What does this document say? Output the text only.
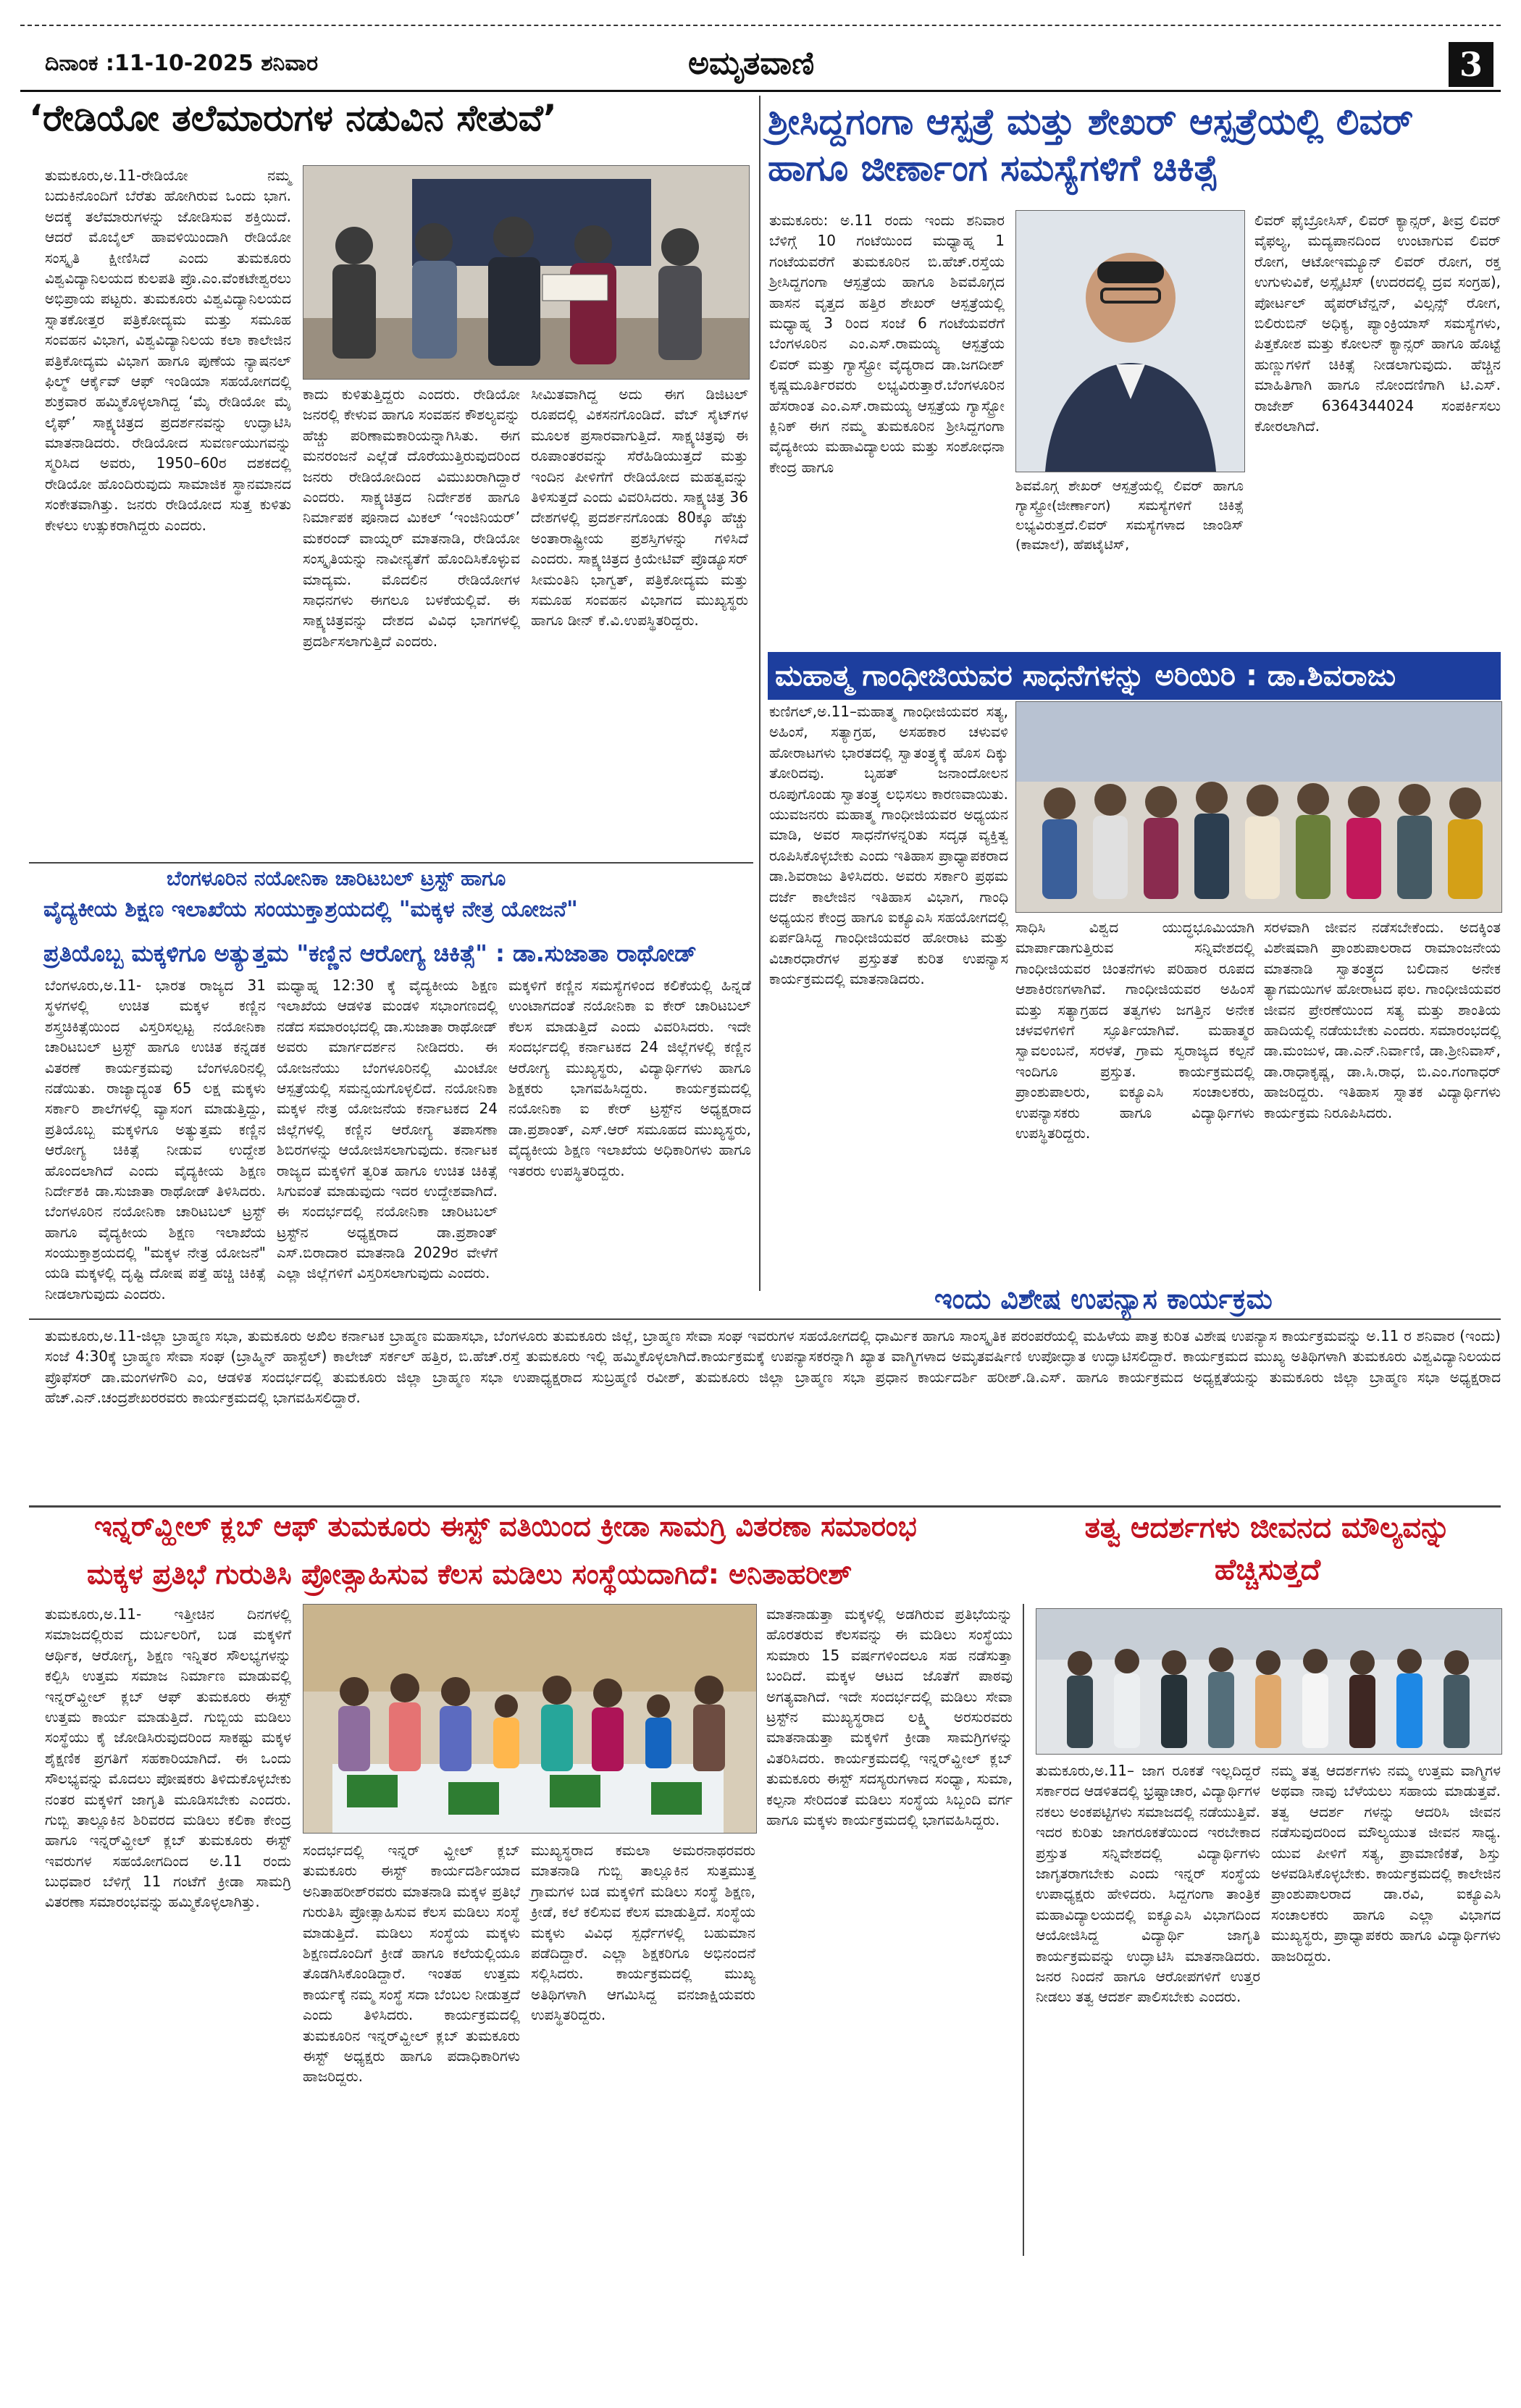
ದಿನಾಂಕ :11-10-2025 ಶನಿವಾರ	ಅಮೃತವಾಣಿ	3
‘ರೇಡಿಯೋ ತಲೆಮಾರುಗಳ ನಡುವಿನ ಸೇತುವೆ’
ತುಮಕೂರು,ಅ.11-ರೇಡಿಯೋ ನಮ್ಮ ಬದುಕಿನೊಂದಿಗೆ ಬೆರೆತು ಹೋಗಿರುವ ಒಂದು ಭಾಗ. ಅದಕ್ಕೆ ತಲೆಮಾರುಗಳನ್ನು ಜೋಡಿಸುವ ಶಕ್ತಿಯಿದೆ. ಆದರೆ ಮೊಬೈಲ್ ಹಾವಳಿಯಿಂದಾಗಿ ರೇಡಿಯೋ ಸಂಸ್ಕೃತಿ ಕ್ಷೀಣಿಸಿದೆ ಎಂದು ತುಮಕೂರು ವಿಶ್ವವಿದ್ಯಾನಿಲಯದ ಕುಲಪತಿ ಪ್ರೊ.ಎಂ.ವೆಂಕಟೇಶ್ವರಲು ಅಭಿಪ್ರಾಯ ಪಟ್ಟರು. ತುಮಕೂರು ವಿಶ್ವವಿದ್ಯಾನಿಲಯದ ಸ್ನಾತಕೋತ್ತರ ಪತ್ರಿಕೋದ್ಯಮ ಮತ್ತು ಸಮೂಹ ಸಂವಹನ ವಿಭಾಗ, ವಿಶ್ವವಿದ್ಯಾನಿಲಯ ಕಲಾ ಕಾಲೇಜಿನ ಪತ್ರಿಕೋದ್ಯಮ ವಿಭಾಗ ಹಾಗೂ ಪುಣೆಯ ನ್ಯಾಷನಲ್ ಫಿಲ್ಮ್ ಆರ್ಕೈವ್ ಆಫ್ ಇಂಡಿಯಾ ಸಹಯೋಗದಲ್ಲಿ ಶುಕ್ರವಾರ ಹಮ್ಮಿಕೊಳ್ಳಲಾಗಿದ್ದ ‘ಮೈ ರೇಡಿಯೋ ಮೈ ಲೈಫ್’ ಸಾಕ್ಷ್ಯಚಿತ್ರದ ಪ್ರದರ್ಶನವನ್ನು ಉದ್ಘಾಟಿಸಿ ಮಾತನಾಡಿದರು. ರೇಡಿಯೋದ ಸುವರ್ಣಯುಗವನ್ನು ಸ್ಮರಿಸಿದ ಅವರು, 1950–60ರ ದಶಕದಲ್ಲಿ ರೇಡಿಯೋ ಹೊಂದಿರುವುದು ಸಾಮಾಜಿಕ ಸ್ಥಾನಮಾನದ ಸಂಕೇತವಾಗಿತ್ತು. ಜನರು ರೇಡಿಯೋದ ಸುತ್ತ ಕುಳಿತು ಕೇಳಲು ಉತ್ಸುಕರಾಗಿದ್ದರು ಎಂದರು.
ಕಾದು ಕುಳಿತುತ್ತಿದ್ದರು ಎಂದರು. ರೇಡಿಯೋ ಜನರಲ್ಲಿ ಕೇಳುವ ಹಾಗೂ ಸಂವಹನ ಕೌಶಲ್ಯವನ್ನು ಹೆಚ್ಚು ಪರಿಣಾಮಕಾರಿಯನ್ನಾಗಿಸಿತು. ಈಗ ಮನರಂಜನೆ ಎಲ್ಲೆಡೆ ದೊರೆಯುತ್ತಿರುವುದರಿಂದ ಜನರು ರೇಡಿಯೋದಿಂದ ವಿಮುಖರಾಗಿದ್ದಾರೆ ಎಂದರು. ಸಾಕ್ಷ್ಯಚಿತ್ರದ ನಿರ್ದೇಶಕ ಹಾಗೂ ನಿರ್ಮಾಪಕ ಪೂನಾದ ಮಿಕಲ್ ‘ಇಂಜಿನಿಯರ್’ ಮಕರಂದ್ ವಾಯ್ನರ್ ಮಾತನಾಡಿ, ರೇಡಿಯೋ ಸಂಸ್ಕೃತಿಯನ್ನು ನಾವೀನ್ಯತೆಗೆ ಹೊಂದಿಸಿಕೊಳ್ಳುವ ಮಾದ್ಯಮ. ಮೊದಲಿನ ರೇಡಿಯೋಗಳ ಸಾಧನಗಳು ಈಗಲೂ ಬಳಕೆಯಲ್ಲಿವೆ. ಈ ಸಾಕ್ಷ್ಯಚಿತ್ರವನ್ನು ದೇಶದ ವಿವಿಧ ಭಾಗಗಳಲ್ಲಿ ಪ್ರದರ್ಶಿಸಲಾಗುತ್ತಿದೆ ಎಂದರು.
ಸೀಮಿತವಾಗಿದ್ದ ಅದು ಈಗ ಡಿಜಿಟಲ್ ರೂಪದಲ್ಲಿ ವಿಕಸನಗೊಂಡಿದೆ. ವೆಬ್ ಸೈಟ್‌ಗಳ ಮೂಲಕ ಪ್ರಸಾರವಾಗುತ್ತಿದೆ. ಸಾಕ್ಷ್ಯಚಿತ್ರವು ಈ ರೂಪಾಂತರವನ್ನು ಸೆರೆಹಿಡಿಯುತ್ತದೆ ಮತ್ತು ಇಂದಿನ ಪೀಳಿಗೆಗೆ ರೇಡಿಯೋದ ಮಹತ್ವವನ್ನು ತಿಳಿಸುತ್ತದೆ ಎಂದು ವಿವರಿಸಿದರು. ಸಾಕ್ಷ್ಯಚಿತ್ರ 36 ದೇಶಗಳಲ್ಲಿ ಪ್ರದರ್ಶನಗೊಂಡು 80ಕ್ಕೂ ಹೆಚ್ಚು ಅಂತಾರಾಷ್ಟ್ರೀಯ ಪ್ರಶಸ್ತಿಗಳನ್ನು ಗಳಿಸಿದೆ ಎಂದರು. ಸಾಕ್ಷ್ಯಚಿತ್ರದ ಕ್ರಿಯೇಟಿವ್ ಪ್ರೊಡ್ಯೂಸರ್ ಸೀಮಂತಿನಿ ಭಾಗ್ವತ್, ಪತ್ರಿಕೋದ್ಯಮ ಮತ್ತು ಸಮೂಹ ಸಂವಹನ ವಿಭಾಗದ ಮುಖ್ಯಸ್ಥರು ಹಾಗೂ ಡೀನ್ ಕೆ.ವಿ.ಉಪಸ್ಥಿತರಿದ್ದರು.
ಬೆಂಗಳೂರಿನ ನಯೋನಿಕಾ ಚಾರಿಟಬಲ್ ಟ್ರಸ್ಟ್ ಹಾಗೂ
ವೈದ್ಯಕೀಯ ಶಿಕ್ಷಣ ಇಲಾಖೆಯ ಸಂಯುಕ್ತಾಶ್ರಯದಲ್ಲಿ "ಮಕ್ಕಳ ನೇತ್ರ ಯೋಜನೆ"
ಪ್ರತಿಯೊಬ್ಬ ಮಕ್ಕಳಿಗೂ ಅತ್ಯುತ್ತಮ "ಕಣ್ಣಿನ ಆರೋಗ್ಯ ಚಿಕಿತ್ಸೆ" : ಡಾ.ಸುಜಾತಾ ರಾಥೋಡ್
ಬೆಂಗಳೂರು,ಅ.11- ಭಾರತ ರಾಜ್ಯದ 31 ಸ್ಥಳಗಳಲ್ಲಿ ಉಚಿತ ಮಕ್ಕಳ ಕಣ್ಣಿನ ಶಸ್ತ್ರಚಿಕಿತ್ಸೆಯಿಂದ ವಿಸ್ತರಿಸಲ್ಪಟ್ಟ ನಯೋನಿಕಾ ಚಾರಿಟಬಲ್ ಟ್ರಸ್ಟ್ ಹಾಗೂ ಉಚಿತ ಕನ್ನಡಕ ವಿತರಣೆ ಕಾರ್ಯಕ್ರಮವು ಬೆಂಗಳೂರಿನಲ್ಲಿ ನಡೆಯಿತು. ರಾಜ್ಯಾದ್ಯಂತ 65 ಲಕ್ಷ ಮಕ್ಕಳು ಸರ್ಕಾರಿ ಶಾಲೆಗಳಲ್ಲಿ ವ್ಯಾಸಂಗ ಮಾಡುತ್ತಿದ್ದು, ಪ್ರತಿಯೊಬ್ಬ ಮಕ್ಕಳಿಗೂ ಅತ್ಯುತ್ತಮ ಕಣ್ಣಿನ ಆರೋಗ್ಯ ಚಿಕಿತ್ಸೆ ನೀಡುವ ಉದ್ದೇಶ ಹೊಂದಲಾಗಿದೆ ಎಂದು ವೈದ್ಯಕೀಯ ಶಿಕ್ಷಣ ನಿರ್ದೇಶಕಿ ಡಾ.ಸುಜಾತಾ ರಾಥೋಡ್ ತಿಳಿಸಿದರು. ಬೆಂಗಳೂರಿನ ನಯೋನಿಕಾ ಚಾರಿಟಬಲ್ ಟ್ರಸ್ಟ್ ಹಾಗೂ ವೈದ್ಯಕೀಯ ಶಿಕ್ಷಣ ಇಲಾಖೆಯ ಸಂಯುಕ್ತಾಶ್ರಯದಲ್ಲಿ "ಮಕ್ಕಳ ನೇತ್ರ ಯೋಜನೆ" ಯಡಿ ಮಕ್ಕಳಲ್ಲಿ ದೃಷ್ಟಿ ದೋಷ ಪತ್ತೆ ಹಚ್ಚಿ ಚಿಕಿತ್ಸೆ ನೀಡಲಾಗುವುದು ಎಂದರು.
ಮಧ್ಯಾಹ್ನ 12:30 ಕ್ಕೆ ವೈದ್ಯಕೀಯ ಶಿಕ್ಷಣ ಇಲಾಖೆಯ ಆಡಳಿತ ಮಂಡಳಿ ಸಭಾಂಗಣದಲ್ಲಿ ನಡೆದ ಸಮಾರಂಭದಲ್ಲಿ ಡಾ.ಸುಜಾತಾ ರಾಥೋಡ್ ಅವರು ಮಾರ್ಗದರ್ಶನ ನೀಡಿದರು. ಈ ಯೋಜನೆಯು ಬೆಂಗಳೂರಿನಲ್ಲಿ ಮಿಂಟೋ ಆಸ್ಪತ್ರೆಯಲ್ಲಿ ಸಮನ್ವಯಗೊಳ್ಳಲಿದೆ. ನಯೋನಿಕಾ ಮಕ್ಕಳ ನೇತ್ರ ಯೋಜನೆಯ ಕರ್ನಾಟಕದ 24 ಜಿಲ್ಲೆಗಳಲ್ಲಿ ಕಣ್ಣಿನ ಆರೋಗ್ಯ ತಪಾಸಣಾ ಶಿಬಿರಗಳನ್ನು ಆಯೋಜಿಸಲಾಗುವುದು. ಕರ್ನಾಟಕ ರಾಜ್ಯದ ಮಕ್ಕಳಿಗೆ ತ್ವರಿತ ಹಾಗೂ ಉಚಿತ ಚಿಕಿತ್ಸೆ ಸಿಗುವಂತೆ ಮಾಡುವುದು ಇದರ ಉದ್ದೇಶವಾಗಿದೆ. ಈ ಸಂದರ್ಭದಲ್ಲಿ ನಯೋನಿಕಾ ಚಾರಿಟಬಲ್ ಟ್ರಸ್ಟ್‌ನ ಅಧ್ಯಕ್ಷರಾದ ಡಾ.ಪ್ರಶಾಂತ್ ಎಸ್.ಬಿರಾದಾರ ಮಾತನಾಡಿ 2029ರ ವೇಳೆಗೆ ಎಲ್ಲಾ ಜಿಲ್ಲೆಗಳಿಗೆ ವಿಸ್ತರಿಸಲಾಗುವುದು ಎಂದರು.
ಮಕ್ಕಳಿಗೆ ಕಣ್ಣಿನ ಸಮಸ್ಯೆಗಳಿಂದ ಕಲಿಕೆಯಲ್ಲಿ ಹಿನ್ನಡೆ ಉಂಟಾಗದಂತೆ ನಯೋನಿಕಾ ಐ ಕೇರ್ ಚಾರಿಟಬಲ್ ಕೆಲಸ ಮಾಡುತ್ತಿದೆ ಎಂದು ವಿವರಿಸಿದರು. ಇದೇ ಸಂದರ್ಭದಲ್ಲಿ ಕರ್ನಾಟಕದ 24 ಜಿಲ್ಲೆಗಳಲ್ಲಿ ಕಣ್ಣಿನ ಆರೋಗ್ಯ ಮುಖ್ಯಸ್ಥರು, ವಿದ್ಯಾರ್ಥಿಗಳು ಹಾಗೂ ಶಿಕ್ಷಕರು ಭಾಗವಹಿಸಿದ್ದರು. ಕಾರ್ಯಕ್ರಮದಲ್ಲಿ ನಯೋನಿಕಾ ಐ ಕೇರ್ ಟ್ರಸ್ಟ್‌ನ ಅಧ್ಯಕ್ಷರಾದ ಡಾ.ಪ್ರಶಾಂತ್, ಎಸ್.ಆರ್ ಸಮೂಹದ ಮುಖ್ಯಸ್ಥರು, ವೈದ್ಯಕೀಯ ಶಿಕ್ಷಣ ಇಲಾಖೆಯ ಅಧಿಕಾರಿಗಳು ಹಾಗೂ ಇತರರು ಉಪಸ್ಥಿತರಿದ್ದರು.
ಶ್ರೀಸಿದ್ದಗಂಗಾ ಆಸ್ಪತ್ರೆ ಮತ್ತು ಶೇಖರ್ ಆಸ್ಪತ್ರೆಯಲ್ಲಿ ಲಿವರ್ ಹಾಗೂ ಜೀರ್ಣಾಂಗ ಸಮಸ್ಯೆಗಳಿಗೆ ಚಿಕಿತ್ಸೆ
ತುಮಕೂರು: ಅ.11 ರಂದು ಇಂದು ಶನಿವಾರ ಬೆಳಿಗ್ಗೆ 10 ಗಂಟೆಯಿಂದ ಮಧ್ಯಾಹ್ನ 1 ಗಂಟೆಯವರೆಗೆ ತುಮಕೂರಿನ ಬಿ.ಹೆಚ್.ರಸ್ತೆಯ ಶ್ರೀಸಿದ್ದಗಂಗಾ ಆಸ್ಪತ್ರೆಯ ಹಾಗೂ ಶಿವಮೊಗ್ಗದ ಹಾಸನ ವೃತ್ತದ ಹತ್ತಿರ ಶೇಖರ್ ಆಸ್ಪತ್ರೆಯಲ್ಲಿ ಮಧ್ಯಾಹ್ನ 3 ರಿಂದ ಸಂಜೆ 6 ಗಂಟೆಯವರೆಗೆ ಬೆಂಗಳೂರಿನ ಎಂ.ಎಸ್.ರಾಮಯ್ಯ ಆಸ್ಪತ್ರೆಯ ಲಿವರ್ ಮತ್ತು ಗ್ಯಾಸ್ಟ್ರೋ ವೈದ್ಯರಾದ ಡಾ.ಜಗದೀಶ್ ಕೃಷ್ಣಮೂರ್ತಿರವರು ಲಭ್ಯವಿರುತ್ತಾರೆ.ಬೆಂಗಳೂರಿನ ಹೆಸರಾಂತ ಎಂ.ಎಸ್.ರಾಮಯ್ಯ ಆಸ್ಪತ್ರೆಯ ಗ್ಯಾಸ್ಟ್ರೋ ಕ್ಲಿನಿಕ್ ಈಗ ನಮ್ಮ ತುಮಕೂರಿನ ಶ್ರೀಸಿದ್ದಗಂಗಾ ವೈದ್ಯಕೀಯ ಮಹಾವಿದ್ಯಾಲಯ ಮತ್ತು ಸಂಶೋಧನಾ ಕೇಂದ್ರ ಹಾಗೂ
ಶಿವಮೊಗ್ಗ ಶೇಖರ್ ಆಸ್ಪತ್ರೆಯಲ್ಲಿ ಲಿವರ್ ಹಾಗೂ ಗ್ಯಾಸ್ಟ್ರೋ(ಜೀರ್ಣಾಂಗ) ಸಮಸ್ಯೆಗಳಿಗೆ ಚಿಕಿತ್ಸೆ ಲಭ್ಯವಿರುತ್ತದೆ.ಲಿವರ್ ಸಮಸ್ಯೆಗಳಾದ ಜಾಂಡಿಸ್ (ಕಾಮಾಲೆ), ಹೆಪಟೈಟಿಸ್,
ಲಿವರ್ ಫೈಬ್ರೋಸಿಸ್, ಲಿವರ್ ಕ್ಯಾನ್ಸರ್, ತೀವ್ರ ಲಿವರ್ ವೈಫಲ್ಯ, ಮದ್ಯಪಾನದಿಂದ ಉಂಟಾಗುವ ಲಿವರ್ ರೋಗ, ಆಟೋಇಮ್ಯೂನ್ ಲಿವರ್ ರೋಗ, ರಕ್ತ ಉಗುಳುವಿಕೆ, ಅಸ್ಸೈಟಿಸ್ (ಉದರದಲ್ಲಿ ದ್ರವ ಸಂಗ್ರಹ), ಪೋರ್ಟಲ್ ಹೈಪರ್‌ಟೆನ್ಷನ್, ವಿಲ್ಸನ್ಸ್ ರೋಗ, ಬಿಲಿರುಬಿನ್ ಅಧಿಕ್ಯ, ಪ್ಯಾಂಕ್ರಿಯಾಸ್ ಸಮಸ್ಯೆಗಳು, ಪಿತ್ತಕೋಶ ಮತ್ತು ಕೋಲನ್ ಕ್ಯಾನ್ಸರ್ ಹಾಗೂ ಹೊಟ್ಟೆ ಹುಣ್ಣುಗಳಿಗೆ ಚಿಕಿತ್ಸೆ ನೀಡಲಾಗುವುದು. ಹೆಚ್ಚಿನ ಮಾಹಿತಿಗಾಗಿ ಹಾಗೂ ನೋಂದಣಿಗಾಗಿ ಟಿ.ಎಸ್. ರಾಜೇಶ್ 6364344024 ಸಂಪರ್ಕಿಸಲು ಕೋರಲಾಗಿದೆ.
ಮಹಾತ್ಮ ಗಾಂಧೀಜಿಯವರ ಸಾಧನೆಗಳನ್ನು ಅರಿಯಿರಿ : ಡಾ.ಶಿವರಾಜು
ಕುಣಿಗಲ್,ಅ.11–ಮಹಾತ್ಮ ಗಾಂಧೀಜಿಯವರ ಸತ್ಯ, ಅಹಿಂಸೆ, ಸತ್ಯಾಗ್ರಹ, ಅಸಹಕಾರ ಚಳುವಳಿ ಹೋರಾಟಗಳು ಭಾರತದಲ್ಲಿ ಸ್ವಾತಂತ್ರ್ಯಕ್ಕೆ ಹೊಸ ದಿಕ್ಕು ತೋರಿದವು. ಬೃಹತ್ ಜನಾಂದೋಲನ ರೂಪುಗೊಂಡು ಸ್ವಾತಂತ್ರ್ಯ ಲಭಿಸಲು ಕಾರಣವಾಯಿತು. ಯುವಜನರು ಮಹಾತ್ಮ ಗಾಂಧೀಜಿಯವರ ಅಧ್ಯಯನ ಮಾಡಿ, ಅವರ ಸಾಧನೆಗಳನ್ನರಿತು ಸದೃಢ ವ್ಯಕ್ತಿತ್ವ ರೂಪಿಸಿಕೊಳ್ಳಬೇಕು ಎಂದು ಇತಿಹಾಸ ಪ್ರಾಧ್ಯಾಪಕರಾದ ಡಾ.ಶಿವರಾಜು ತಿಳಿಸಿದರು. ಅವರು ಸರ್ಕಾರಿ ಪ್ರಥಮ ದರ್ಜೆ ಕಾಲೇಜಿನ ಇತಿಹಾಸ ವಿಭಾಗ, ಗಾಂಧಿ ಅಧ್ಯಯನ ಕೇಂದ್ರ ಹಾಗೂ ಐಕ್ಯೂಎಸಿ ಸಹಯೋಗದಲ್ಲಿ ಏರ್ಪಡಿಸಿದ್ದ ಗಾಂಧೀಜಿಯವರ ಹೋರಾಟ ಮತ್ತು ವಿಚಾರಧಾರೆಗಳ ಪ್ರಸ್ತುತತೆ ಕುರಿತ ಉಪನ್ಯಾಸ ಕಾರ್ಯಕ್ರಮದಲ್ಲಿ ಮಾತನಾಡಿದರು.
ಸಾಧಿಸಿ ವಿಶ್ವದ ಯುದ್ಧಭೂಮಿಯಾಗಿ ಮಾರ್ಪಾಡಾಗುತ್ತಿರುವ ಸನ್ನಿವೇಶದಲ್ಲಿ ಗಾಂಧೀಜಿಯವರ ಚಿಂತನೆಗಳು ಪರಿಹಾರ ರೂಪದ ಆಶಾಕಿರಣಗಳಾಗಿವೆ. ಗಾಂಧೀಜಿಯವರ ಅಹಿಂಸೆ ಮತ್ತು ಸತ್ಯಾಗ್ರಹದ ತತ್ವಗಳು ಜಗತ್ತಿನ ಅನೇಕ ಚಳವಳಿಗಳಿಗೆ ಸ್ಫೂರ್ತಿಯಾಗಿವೆ. ಮಹಾತ್ಮರ ಸ್ವಾವಲಂಬನೆ, ಸರಳತೆ, ಗ್ರಾಮ ಸ್ವರಾಜ್ಯದ ಕಲ್ಪನೆ ಇಂದಿಗೂ ಪ್ರಸ್ತುತ. ಕಾರ್ಯಕ್ರಮದಲ್ಲಿ ಪ್ರಾಂಶುಪಾಲರು, ಐಕ್ಯೂಎಸಿ ಸಂಚಾಲಕರು, ಉಪನ್ಯಾಸಕರು ಹಾಗೂ ವಿದ್ಯಾರ್ಥಿಗಳು ಉಪಸ್ಥಿತರಿದ್ದರು.
ಸರಳವಾಗಿ ಜೀವನ ನಡೆಸಬೇಕೆಂದು. ಅದಕ್ಕಿಂತ ವಿಶೇಷವಾಗಿ ಪ್ರಾಂಶುಪಾಲರಾದ ರಾಮಾಂಜನೇಯ ಮಾತನಾಡಿ ಸ್ವಾತಂತ್ರ್ಯದ ಬಲಿದಾನ ಅನೇಕ ತ್ಯಾಗಮಯಿಗಳ ಹೋರಾಟದ ಫಲ. ಗಾಂಧೀಜಿಯವರ ಜೀವನ ಪ್ರೇರಣೆಯಿಂದ ಸತ್ಯ ಮತ್ತು ಶಾಂತಿಯ ಹಾದಿಯಲ್ಲಿ ನಡೆಯಬೇಕು ಎಂದರು. ಸಮಾರಂಭದಲ್ಲಿ ಡಾ.ಮಂಜುಳ, ಡಾ.ಎನ್.ನಿರ್ವಾಣಿ, ಡಾ.ಶ್ರೀನಿವಾಸ್, ಡಾ.ರಾಧಾಕೃಷ್ಣ, ಡಾ.ಸಿ.ರಾಧ, ಬಿ.ಎಂ.ಗಂಗಾಧರ್ ಹಾಜರಿದ್ದರು. ಇತಿಹಾಸ ಸ್ನಾತಕ ವಿದ್ಯಾರ್ಥಿಗಳು ಕಾರ್ಯಕ್ರಮ ನಿರೂಪಿಸಿದರು.
ಇಂದು ವಿಶೇಷ ಉಪನ್ಯಾಸ ಕಾರ್ಯಕ್ರಮ
ತುಮಕೂರು,ಅ.11-ಜಿಲ್ಲಾ ಬ್ರಾಹ್ಮಣ ಸಭಾ, ತುಮಕೂರು ಅಖಿಲ ಕರ್ನಾಟಕ ಬ್ರಾಹ್ಮಣ ಮಹಾಸಭಾ, ಬೆಂಗಳೂರು ತುಮಕೂರು ಜಿಲ್ಲೆ, ಬ್ರಾಹ್ಮಣ ಸೇವಾ ಸಂಘ ಇವರುಗಳ ಸಹಯೋಗದಲ್ಲಿ ಧಾರ್ಮಿಕ ಹಾಗೂ ಸಾಂಸ್ಕೃತಿಕ ಪರಂಪರೆಯಲ್ಲಿ ಮಹಿಳೆಯ ಪಾತ್ರ ಕುರಿತ ವಿಶೇಷ ಉಪನ್ಯಾಸ ಕಾರ್ಯಕ್ರಮವನ್ನು ಅ.11 ರ ಶನಿವಾರ (ಇಂದು) ಸಂಜೆ 4:30ಕ್ಕೆ ಬ್ರಾಹ್ಮಣ ಸೇವಾ ಸಂಘ (ಬ್ರಾಹ್ಮಿನ್ ಹಾಸ್ಟೆಲ್) ಕಾಲೇಜ್ ಸರ್ಕಲ್ ಹತ್ತಿರ, ಬಿ.ಹೆಚ್.ರಸ್ತೆ ತುಮಕೂರು ಇಲ್ಲಿ ಹಮ್ಮಿಕೊಳ್ಳಲಾಗಿದೆ.ಕಾರ್ಯಕ್ರಮಕ್ಕೆ ಉಪನ್ಯಾಸಕರನ್ನಾಗಿ ಖ್ಯಾತ ವಾಗ್ಮಿಗಳಾದ ಅಮೃತವರ್ಷಿಣಿ ಉಪೋದ್ಘಾತ ಉದ್ಘಾಟಿಸಲಿದ್ದಾರೆ. ಕಾರ್ಯಕ್ರಮದ ಮುಖ್ಯ ಅತಿಥಿಗಳಾಗಿ ತುಮಕೂರು ವಿಶ್ವವಿದ್ಯಾನಿಲಯದ ಪ್ರೊಫೆಸರ್ ಡಾ.ಮಂಗಳಗೌರಿ ಎಂ, ಆಡಳಿತ ಸಂದರ್ಭದಲ್ಲಿ ತುಮಕೂರು ಜಿಲ್ಲಾ ಬ್ರಾಹ್ಮಣ ಸಭಾ ಉಪಾಧ್ಯಕ್ಷರಾದ ಸುಬ್ರಹ್ಮಣಿ ರವೀಶ್, ತುಮಕೂರು ಜಿಲ್ಲಾ ಬ್ರಾಹ್ಮಣ ಸಭಾ ಪ್ರಧಾನ ಕಾರ್ಯದರ್ಶಿ ಹರೀಶ್.ಡಿ.ಎಸ್. ಹಾಗೂ ಕಾರ್ಯಕ್ರಮದ ಅಧ್ಯಕ್ಷತೆಯನ್ನು ತುಮಕೂರು ಜಿಲ್ಲಾ ಬ್ರಾಹ್ಮಣ ಸಭಾ ಅಧ್ಯಕ್ಷರಾದ ಹೆಚ್.ಎನ್.ಚಂದ್ರಶೇಖರರವರು ಕಾರ್ಯಕ್ರಮದಲ್ಲಿ ಭಾಗವಹಿಸಲಿದ್ದಾರೆ.
ಇನ್ನರ್‌ವ್ಹೀಲ್ ಕ್ಲಬ್ ಆಫ್ ತುಮಕೂರು ಈಸ್ಟ್ ವತಿಯಿಂದ ಕ್ರೀಡಾ ಸಾಮಗ್ರಿ ವಿತರಣಾ ಸಮಾರಂಭ
ಮಕ್ಕಳ ಪ್ರತಿಭೆ ಗುರುತಿಸಿ ಪ್ರೋತ್ಸಾಹಿಸುವ ಕೆಲಸ ಮಡಿಲು ಸಂಸ್ಥೆಯದಾಗಿದೆ: ಅನಿತಾಹರೀಶ್
ತುಮಕೂರು,ಅ.11- ಇತ್ತೀಚಿನ ದಿನಗಳಲ್ಲಿ ಸಮಾಜದಲ್ಲಿರುವ ದುರ್ಬಲರಿಗೆ, ಬಡ ಮಕ್ಕಳಿಗೆ ಆರ್ಥಿಕ, ಆರೋಗ್ಯ, ಶಿಕ್ಷಣ ಇನ್ನಿತರ ಸೌಲಭ್ಯಗಳನ್ನು ಕಲ್ಪಿಸಿ ಉತ್ತಮ ಸಮಾಜ ನಿರ್ಮಾಣ ಮಾಡುವಲ್ಲಿ ಇನ್ನರ್‌ವ್ಹೀಲ್ ಕ್ಲಬ್ ಆಫ್ ತುಮಕೂರು ಈಸ್ಟ್ ಉತ್ತಮ ಕಾರ್ಯ ಮಾಡುತ್ತಿದೆ. ಗುಬ್ಬಿಯ ಮಡಿಲು ಸಂಸ್ಥೆಯು ಕೈ ಜೋಡಿಸಿರುವುದರಿಂದ ಸಾಕಷ್ಟು ಮಕ್ಕಳ ಶೈಕ್ಷಣಿಕ ಪ್ರಗತಿಗೆ ಸಹಕಾರಿಯಾಗಿದೆ. ಈ ಒಂದು ಸೌಲಭ್ಯವನ್ನು ಮೊದಲು ಪೋಷಕರು ತಿಳಿದುಕೊಳ್ಳಬೇಕು ನಂತರ ಮಕ್ಕಳಿಗೆ ಜಾಗೃತಿ ಮೂಡಿಸಬೇಕು ಎಂದರು. ಗುಬ್ಬಿ ತಾಲ್ಲೂಕಿನ ಶಿರಿವರದ ಮಡಿಲು ಕಲಿಕಾ ಕೇಂದ್ರ ಹಾಗೂ ಇನ್ನರ್‌ವ್ಹೀಲ್ ಕ್ಲಬ್ ತುಮಕೂರು ಈಸ್ಟ್ ಇವರುಗಳ ಸಹಯೋಗದಿಂದ ಅ.11 ರಂದು ಬುಧವಾರ ಬೆಳಿಗ್ಗೆ 11 ಗಂಟೆಗೆ ಕ್ರೀಡಾ ಸಾಮಗ್ರಿ ವಿತರಣಾ ಸಮಾರಂಭವನ್ನು ಹಮ್ಮಿಕೊಳ್ಳಲಾಗಿತ್ತು.
ಸಂದರ್ಭದಲ್ಲಿ ಇನ್ನರ್ ವ್ಹೀಲ್ ಕ್ಲಬ್ ತುಮಕೂರು ಈಸ್ಟ್ ಕಾರ್ಯದರ್ಶಿಯಾದ ಅನಿತಾಹರೀಶ್‌ರವರು ಮಾತನಾಡಿ ಮಕ್ಕಳ ಪ್ರತಿಭೆ ಗುರುತಿಸಿ ಪ್ರೋತ್ಸಾಹಿಸುವ ಕೆಲಸ ಮಡಿಲು ಸಂಸ್ಥೆ ಮಾಡುತ್ತಿದೆ. ಮಡಿಲು ಸಂಸ್ಥೆಯ ಮಕ್ಕಳು ಶಿಕ್ಷಣದೊಂದಿಗೆ ಕ್ರೀಡೆ ಹಾಗೂ ಕಲೆಯಲ್ಲಿಯೂ ತೊಡಗಿಸಿಕೊಂಡಿದ್ದಾರೆ. ಇಂತಹ ಉತ್ತಮ ಕಾರ್ಯಕ್ಕೆ ನಮ್ಮ ಸಂಸ್ಥೆ ಸದಾ ಬೆಂಬಲ ನೀಡುತ್ತದೆ ಎಂದು ತಿಳಿಸಿದರು. ಕಾರ್ಯಕ್ರಮದಲ್ಲಿ ತುಮಕೂರಿನ ಇನ್ನರ್‌ವ್ಹೀಲ್ ಕ್ಲಬ್ ತುಮಕೂರು ಈಸ್ಟ್ ಅಧ್ಯಕ್ಷರು ಹಾಗೂ ಪದಾಧಿಕಾರಿಗಳು ಹಾಜರಿದ್ದರು.
ಮುಖ್ಯಸ್ಥರಾದ ಕಮಲಾ ಅಮರನಾಥರವರು ಮಾತನಾಡಿ ಗುಬ್ಬಿ ತಾಲ್ಲೂಕಿನ ಸುತ್ತಮುತ್ತ ಗ್ರಾಮಗಳ ಬಡ ಮಕ್ಕಳಿಗೆ ಮಡಿಲು ಸಂಸ್ಥೆ ಶಿಕ್ಷಣ, ಕ್ರೀಡೆ, ಕಲೆ ಕಲಿಸುವ ಕೆಲಸ ಮಾಡುತ್ತಿದೆ. ಸಂಸ್ಥೆಯ ಮಕ್ಕಳು ವಿವಿಧ ಸ್ಪರ್ಧೆಗಳಲ್ಲಿ ಬಹುಮಾನ ಪಡೆದಿದ್ದಾರೆ. ಎಲ್ಲಾ ಶಿಕ್ಷಕರಿಗೂ ಅಭಿನಂದನೆ ಸಲ್ಲಿಸಿದರು. ಕಾರ್ಯಕ್ರಮದಲ್ಲಿ ಮುಖ್ಯ ಅತಿಥಿಗಳಾಗಿ ಆಗಮಿಸಿದ್ದ ವನಜಾಕ್ಷಿಯವರು ಉಪಸ್ಥಿತರಿದ್ದರು.
ಮಾತನಾಡುತ್ತಾ ಮಕ್ಕಳಲ್ಲಿ ಅಡಗಿರುವ ಪ್ರತಿಭೆಯನ್ನು ಹೊರತರುವ ಕೆಲಸವನ್ನು ಈ ಮಡಿಲು ಸಂಸ್ಥೆಯು ಸುಮಾರು 15 ವರ್ಷಗಳಿಂದಲೂ ಸಹ ನಡೆಸುತ್ತಾ ಬಂದಿದೆ. ಮಕ್ಕಳ ಆಟದ ಜೊತೆಗೆ ಪಾಠವು ಅಗತ್ಯವಾಗಿದೆ. ಇದೇ ಸಂದರ್ಭದಲ್ಲಿ ಮಡಿಲು ಸೇವಾ ಟ್ರಸ್ಟ್‌ನ ಮುಖ್ಯಸ್ಥರಾದ ಲಕ್ಷ್ಮಿ ಅರಸುರವರು ಮಾತನಾಡುತ್ತಾ ಮಕ್ಕಳಿಗೆ ಕ್ರೀಡಾ ಸಾಮಗ್ರಿಗಳನ್ನು ವಿತರಿಸಿದರು. ಕಾರ್ಯಕ್ರಮದಲ್ಲಿ ಇನ್ನರ್‌ವ್ಹೀಲ್ ಕ್ಲಬ್ ತುಮಕೂರು ಈಸ್ಟ್ ಸದಸ್ಯರುಗಳಾದ ಸಂಧ್ಯಾ, ಸುಮಾ, ಕಲ್ಪನಾ ಸೇರಿದಂತೆ ಮಡಿಲು ಸಂಸ್ಥೆಯ ಸಿಬ್ಬಂದಿ ವರ್ಗ ಹಾಗೂ ಮಕ್ಕಳು ಕಾರ್ಯಕ್ರಮದಲ್ಲಿ ಭಾಗವಹಿಸಿದ್ದರು.
ತತ್ವ ಆದರ್ಶಗಳು ಜೀವನದ ಮೌಲ್ಯವನ್ನು ಹೆಚ್ಚಿಸುತ್ತದೆ
ತುಮಕೂರು,ಅ.11– ಜಾಗ ರೂಕತೆ ಇಲ್ಲದಿದ್ದರೆ ಸರ್ಕಾರದ ಆಡಳಿತದಲ್ಲಿ ಭ್ರಷ್ಟಾಚಾರ, ವಿದ್ಯಾರ್ಥಿಗಳ ನಕಲು ಅಂಕಪಟ್ಟಿಗಳು ಸಮಾಜದಲ್ಲಿ ನಡೆಯುತ್ತಿವೆ. ಇದರ ಕುರಿತು ಜಾಗರೂಕತೆಯಿಂದ ಇರಬೇಕಾದ ಪ್ರಸ್ತುತ ಸನ್ನಿವೇಶದಲ್ಲಿ ವಿದ್ಯಾರ್ಥಿಗಳು ಜಾಗೃತರಾಗಬೇಕು ಎಂದು ಇನ್ನರ್ ಸಂಸ್ಥೆಯ ಉಪಾಧ್ಯಕ್ಷರು ಹೇಳಿದರು. ಸಿದ್ದಗಂಗಾ ತಾಂತ್ರಿಕ ಮಹಾವಿದ್ಯಾಲಯದಲ್ಲಿ ಐಕ್ಯೂಎಸಿ ವಿಭಾಗದಿಂದ ಆಯೋಜಿಸಿದ್ದ ವಿದ್ಯಾರ್ಥಿ ಜಾಗೃತಿ ಕಾರ್ಯಕ್ರಮವನ್ನು ಉದ್ಘಾಟಿಸಿ ಮಾತನಾಡಿದರು. ಜನರ ನಿಂದನೆ ಹಾಗೂ ಆರೋಪಗಳಿಗೆ ಉತ್ತರ ನೀಡಲು ತತ್ವ ಆದರ್ಶ ಪಾಲಿಸಬೇಕು ಎಂದರು.
ನಮ್ಮ ತತ್ವ ಆದರ್ಶಗಳು ನಮ್ಮ ಉತ್ತಮ ವಾಗ್ಮಿಗಳ ಅಥವಾ ನಾವು ಬೆಳೆಯಲು ಸಹಾಯ ಮಾಡುತ್ತವೆ. ತತ್ವ ಆದರ್ಶ ಗಳನ್ನು ಆದರಿಸಿ ಜೀವನ ನಡೆಸುವುದರಿಂದ ಮೌಲ್ಯಯುತ ಜೀವನ ಸಾಧ್ಯ. ಯುವ ಪೀಳಿಗೆ ಸತ್ಯ, ಪ್ರಾಮಾಣಿಕತೆ, ಶಿಸ್ತು ಅಳವಡಿಸಿಕೊಳ್ಳಬೇಕು. ಕಾರ್ಯಕ್ರಮದಲ್ಲಿ ಕಾಲೇಜಿನ ಪ್ರಾಂಶುಪಾಲರಾದ ಡಾ.ರವಿ, ಐಕ್ಯೂಎಸಿ ಸಂಚಾಲಕರು ಹಾಗೂ ಎಲ್ಲಾ ವಿಭಾಗದ ಮುಖ್ಯಸ್ಥರು, ಪ್ರಾಧ್ಯಾಪಕರು ಹಾಗೂ ವಿದ್ಯಾರ್ಥಿಗಳು ಹಾಜರಿದ್ದರು.
